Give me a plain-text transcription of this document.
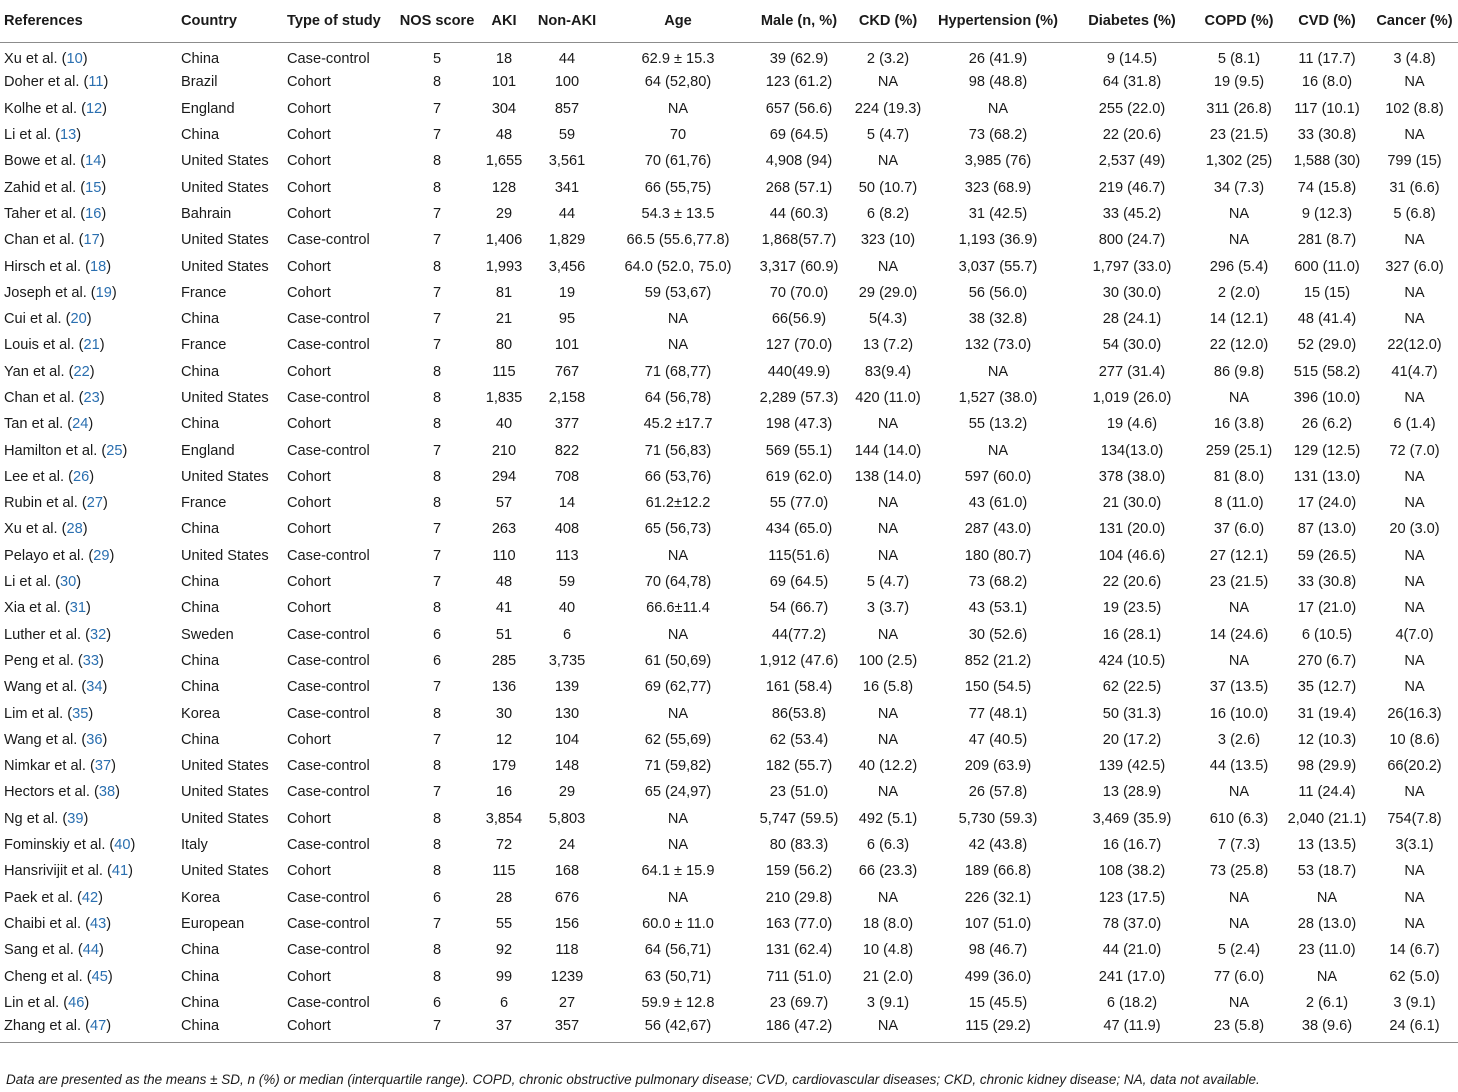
References	Country	Type of study	NOS score	AKI	Non-AKI	Age	Male (n, %)	CKD (%)	Hypertension (%)	Diabetes (%)	COPD (%)	CVD (%)	Cancer (%)
Xu et al. (10)	China	Case-control	5	18	44	62.9 ± 15.3	39 (62.9)	2 (3.2)	26 (41.9)	9 (14.5)	5 (8.1)	11 (17.7)	3 (4.8)
Doher et al. (11)	Brazil	Cohort	8	101	100	64 (52,80)	123 (61.2)	NA	98 (48.8)	64 (31.8)	19 (9.5)	16 (8.0)	NA
Kolhe et al. (12)	England	Cohort	7	304	857	NA	657 (56.6)	224 (19.3)	NA	255 (22.0)	311 (26.8)	117 (10.1)	102 (8.8)
Li et al. (13)	China	Cohort	7	48	59	70	69 (64.5)	5 (4.7)	73 (68.2)	22 (20.6)	23 (21.5)	33 (30.8)	NA
Bowe et al. (14)	United States	Cohort	8	1,655	3,561	70 (61,76)	4,908 (94)	NA	3,985 (76)	2,537 (49)	1,302 (25)	1,588 (30)	799 (15)
Zahid et al. (15)	United States	Cohort	8	128	341	66 (55,75)	268 (57.1)	50 (10.7)	323 (68.9)	219 (46.7)	34 (7.3)	74 (15.8)	31 (6.6)
Taher et al. (16)	Bahrain	Cohort	7	29	44	54.3 ± 13.5	44 (60.3)	6 (8.2)	31 (42.5)	33 (45.2)	NA	9 (12.3)	5 (6.8)
Chan et al. (17)	United States	Case-control	7	1,406	1,829	66.5 (55.6,77.8)	1,868(57.7)	323 (10)	1,193 (36.9)	800 (24.7)	NA	281 (8.7)	NA
Hirsch et al. (18)	United States	Cohort	8	1,993	3,456	64.0 (52.0, 75.0)	3,317 (60.9)	NA	3,037 (55.7)	1,797 (33.0)	296 (5.4)	600 (11.0)	327 (6.0)
Joseph et al. (19)	France	Cohort	7	81	19	59 (53,67)	70 (70.0)	29 (29.0)	56 (56.0)	30 (30.0)	2 (2.0)	15 (15)	NA
Cui et al. (20)	China	Case-control	7	21	95	NA	66(56.9)	5(4.3)	38 (32.8)	28 (24.1)	14 (12.1)	48 (41.4)	NA
Louis et al. (21)	France	Case-control	7	80	101	NA	127 (70.0)	13 (7.2)	132 (73.0)	54 (30.0)	22 (12.0)	52 (29.0)	22(12.0)
Yan et al. (22)	China	Cohort	8	115	767	71 (68,77)	440(49.9)	83(9.4)	NA	277 (31.4)	86 (9.8)	515 (58.2)	41(4.7)
Chan et al. (23)	United States	Case-control	8	1,835	2,158	64 (56,78)	2,289 (57.3)	420 (11.0)	1,527 (38.0)	1,019 (26.0)	NA	396 (10.0)	NA
Tan et al. (24)	China	Cohort	8	40	377	45.2 ±17.7	198 (47.3)	NA	55 (13.2)	19 (4.6)	16 (3.8)	26 (6.2)	6 (1.4)
Hamilton et al. (25)	England	Case-control	7	210	822	71 (56,83)	569 (55.1)	144 (14.0)	NA	134(13.0)	259 (25.1)	129 (12.5)	72 (7.0)
Lee et al. (26)	United States	Cohort	8	294	708	66 (53,76)	619 (62.0)	138 (14.0)	597 (60.0)	378 (38.0)	81 (8.0)	131 (13.0)	NA
Rubin et al. (27)	France	Cohort	8	57	14	61.2±12.2	55 (77.0)	NA	43 (61.0)	21 (30.0)	8 (11.0)	17 (24.0)	NA
Xu et al. (28)	China	Cohort	7	263	408	65 (56,73)	434 (65.0)	NA	287 (43.0)	131 (20.0)	37 (6.0)	87 (13.0)	20 (3.0)
Pelayo et al. (29)	United States	Case-control	7	110	113	NA	115(51.6)	NA	180 (80.7)	104 (46.6)	27 (12.1)	59 (26.5)	NA
Li et al. (30)	China	Cohort	7	48	59	70 (64,78)	69 (64.5)	5 (4.7)	73 (68.2)	22 (20.6)	23 (21.5)	33 (30.8)	NA
Xia et al. (31)	China	Cohort	8	41	40	66.6±11.4	54 (66.7)	3 (3.7)	43 (53.1)	19 (23.5)	NA	17 (21.0)	NA
Luther et al. (32)	Sweden	Case-control	6	51	6	NA	44(77.2)	NA	30 (52.6)	16 (28.1)	14 (24.6)	6 (10.5)	4(7.0)
Peng et al. (33)	China	Case-control	6	285	3,735	61 (50,69)	1,912 (47.6)	100 (2.5)	852 (21.2)	424 (10.5)	NA	270 (6.7)	NA
Wang et al. (34)	China	Case-control	7	136	139	69 (62,77)	161 (58.4)	16 (5.8)	150 (54.5)	62 (22.5)	37 (13.5)	35 (12.7)	NA
Lim et al. (35)	Korea	Case-control	8	30	130	NA	86(53.8)	NA	77 (48.1)	50 (31.3)	16 (10.0)	31 (19.4)	26(16.3)
Wang et al. (36)	China	Cohort	7	12	104	62 (55,69)	62 (53.4)	NA	47 (40.5)	20 (17.2)	3 (2.6)	12 (10.3)	10 (8.6)
Nimkar et al. (37)	United States	Case-control	8	179	148	71 (59,82)	182 (55.7)	40 (12.2)	209 (63.9)	139 (42.5)	44 (13.5)	98 (29.9)	66(20.2)
Hectors et al. (38)	United States	Case-control	7	16	29	65 (24,97)	23 (51.0)	NA	26 (57.8)	13 (28.9)	NA	11 (24.4)	NA
Ng et al. (39)	United States	Cohort	8	3,854	5,803	NA	5,747 (59.5)	492 (5.1)	5,730 (59.3)	3,469 (35.9)	610 (6.3)	2,040 (21.1)	754(7.8)
Fominskiy et al. (40)	Italy	Case-control	8	72	24	NA	80 (83.3)	6 (6.3)	42 (43.8)	16 (16.7)	7 (7.3)	13 (13.5)	3(3.1)
Hansrivijit et al. (41)	United States	Cohort	8	115	168	64.1 ± 15.9	159 (56.2)	66 (23.3)	189 (66.8)	108 (38.2)	73 (25.8)	53 (18.7)	NA
Paek et al. (42)	Korea	Case-control	6	28	676	NA	210 (29.8)	NA	226 (32.1)	123 (17.5)	NA	NA	NA
Chaibi et al. (43)	European	Case-control	7	55	156	60.0 ± 11.0	163 (77.0)	18 (8.0)	107 (51.0)	78 (37.0)	NA	28 (13.0)	NA
Sang et al. (44)	China	Case-control	8	92	118	64 (56,71)	131 (62.4)	10 (4.8)	98 (46.7)	44 (21.0)	5 (2.4)	23 (11.0)	14 (6.7)
Cheng et al. (45)	China	Cohort	8	99	1239	63 (50,71)	711 (51.0)	21 (2.0)	499 (36.0)	241 (17.0)	77 (6.0)	NA	62 (5.0)
Lin et al. (46)	China	Case-control	6	6	27	59.9 ± 12.8	23 (69.7)	3 (9.1)	15 (45.5)	6 (18.2)	NA	2 (6.1)	3 (9.1)
Zhang et al. (47)	China	Cohort	7	37	357	56 (42,67)	186 (47.2)	NA	115 (29.2)	47 (11.9)	23 (5.8)	38 (9.6)	24 (6.1)
Data are presented as the means ± SD, n (%) or median (interquartile range). COPD, chronic obstructive pulmonary disease; CVD, cardiovascular diseases; CKD, chronic kidney disease; NA, data not available.
